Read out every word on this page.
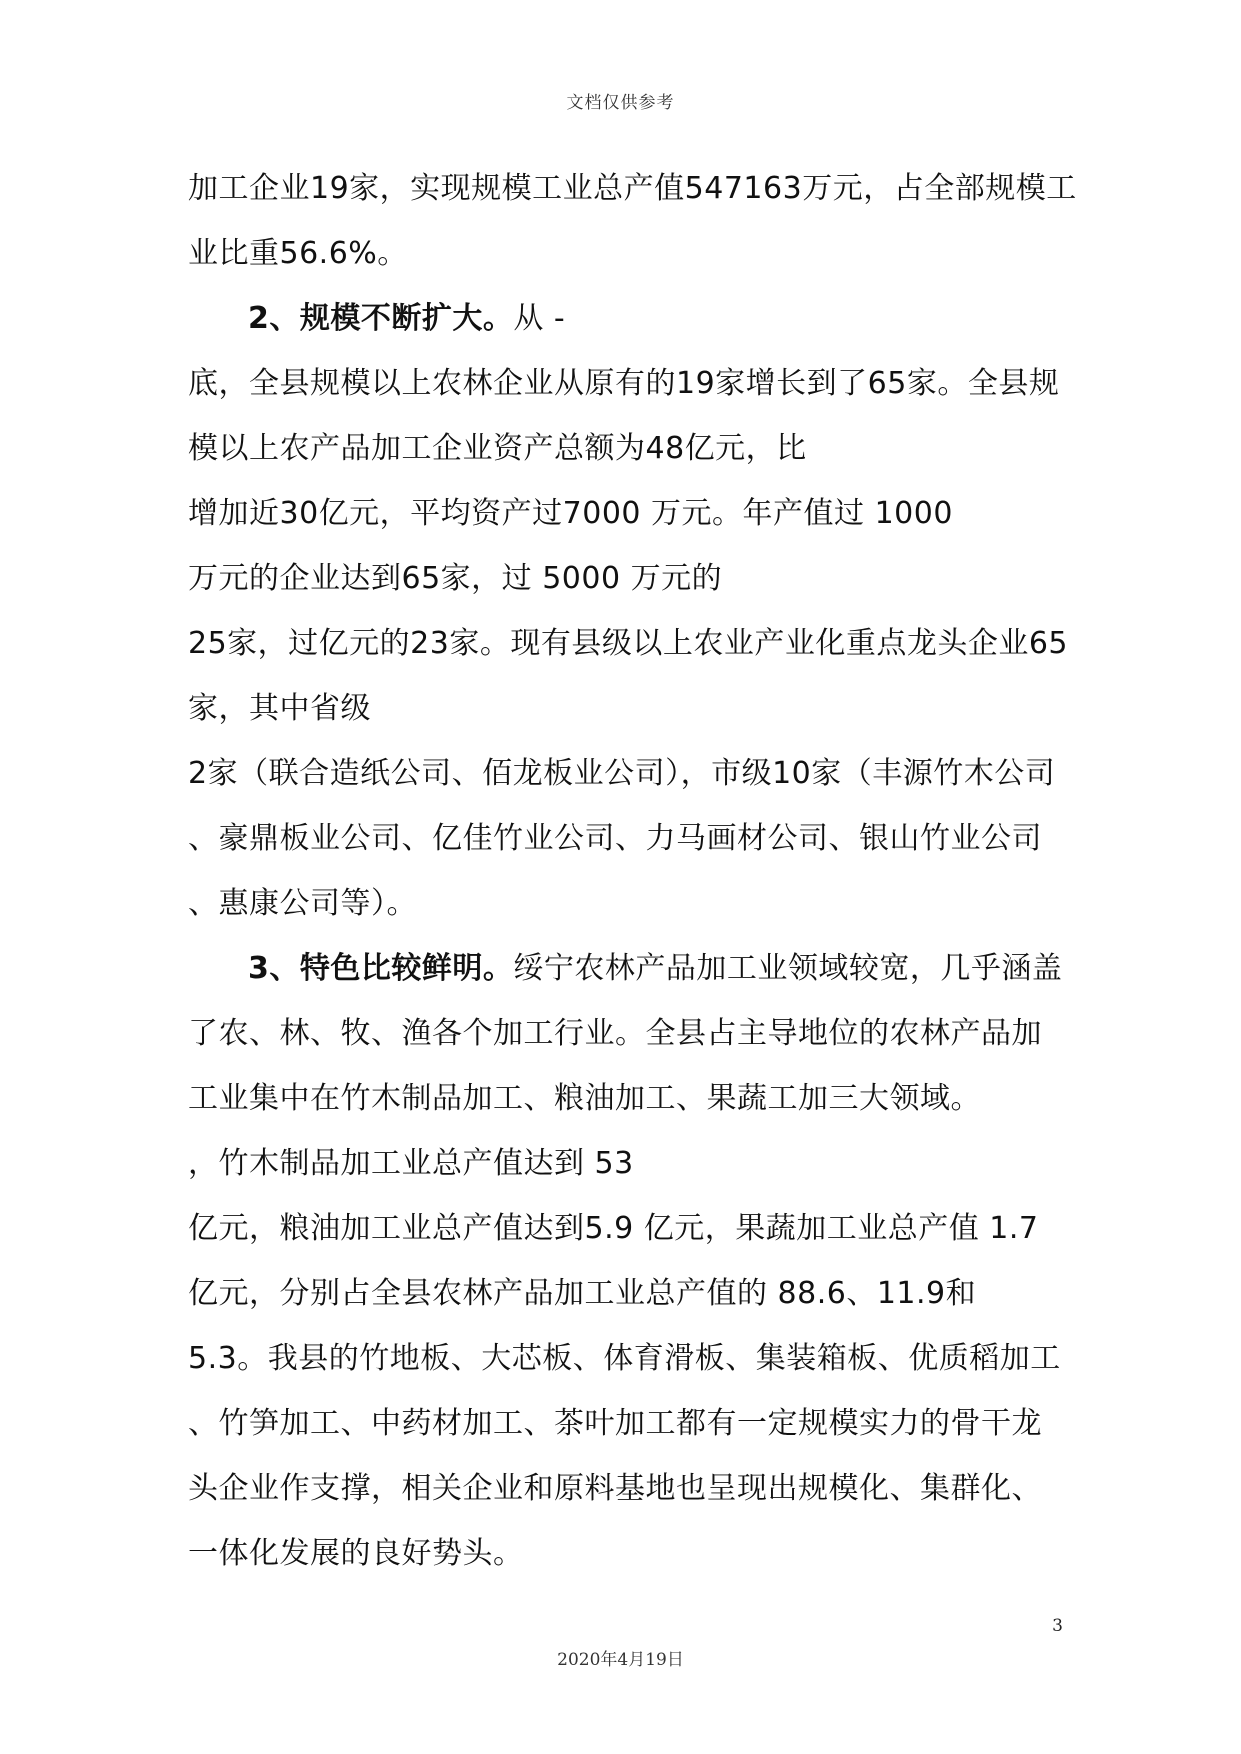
文档仅供参考
加工企业19家，实现规模工业总产值547163万元，占全部规模工
业比重56.6%。
2、规模不断扩大。从 -
底，全县规模以上农林企业从原有的19家增长到了65家。全县规
模以上农产品加工企业资产总额为48亿元，比
增加近30亿元，平均资产过7000 万元。年产值过 1000
万元的企业达到65家，过 5000 万元的
25家，过亿元的23家。现有县级以上农业产业化重点龙头企业65
家，其中省级
2家（联合造纸公司、佰龙板业公司），市级10家（丰源竹木公司
、豪鼎板业公司、亿佳竹业公司、力马画材公司、银山竹业公司
、惠康公司等）。
3、特色比较鲜明。绥宁农林产品加工业领域较宽，几乎涵盖
了农、林、牧、渔各个加工行业。全县占主导地位的农林产品加
工业集中在竹木制品加工、粮油加工、果蔬工加三大领域。
，竹木制品加工业总产值达到 53
亿元，粮油加工业总产值达到5.9 亿元，果蔬加工业总产值 1.7
亿元，分别占全县农林产品加工业总产值的 88.6、11.9和
5.3。我县的竹地板、大芯板、体育滑板、集装箱板、优质稻加工
、竹笋加工、中药材加工、茶叶加工都有一定规模实力的骨干龙
头企业作支撑，相关企业和原料基地也呈现出规模化、集群化、
一体化发展的良好势头。
3
2020年4月19日
